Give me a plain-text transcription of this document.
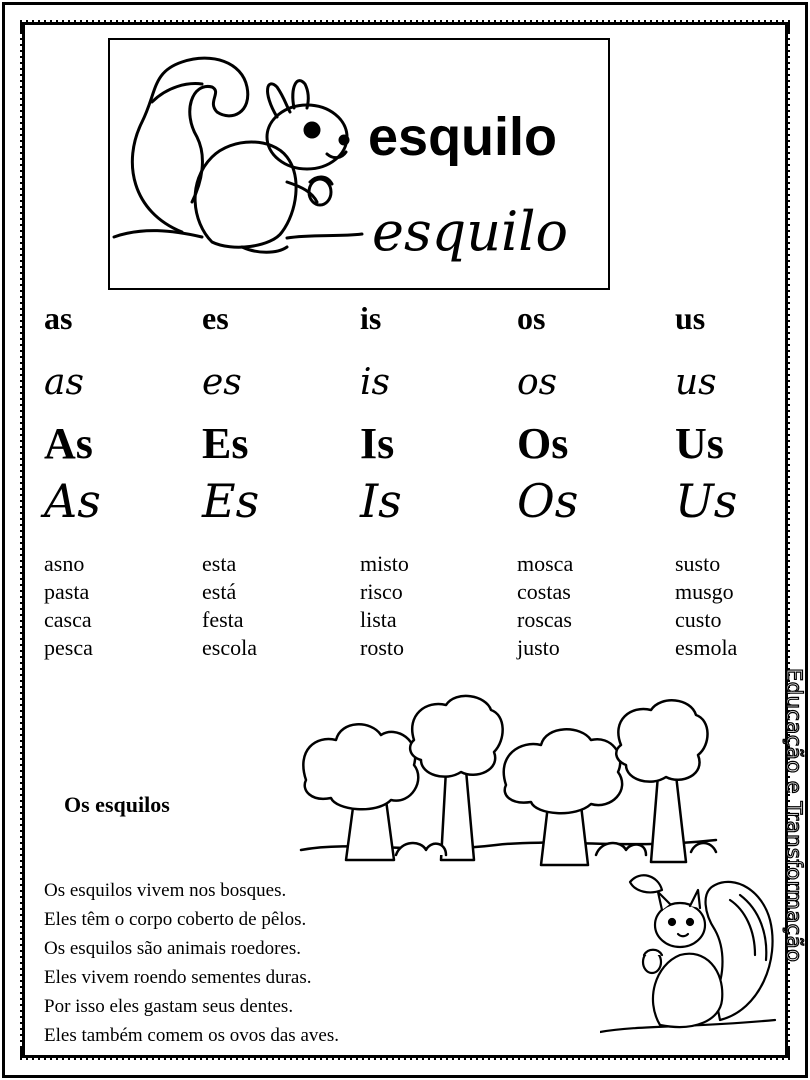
esquilo
esquilo
as
as
As
As
asno
pasta
casca
pesca
es
es
Es
Es
esta
está
festa
escola
is
is
Is
Is
misto
risco
lista
rosto
os
os
Os
Os
mosca
costas
roscas
justo
us
us
Us
Us
susto
musgo
custo
esmola
Os esquilos
Os esquilos vivem nos bosques.
Eles têm o corpo coberto de pêlos.
Os esquilos são animais roedores.
Eles vivem roendo sementes duras.
Por isso eles gastam seus dentes.
Eles também comem os ovos das aves.
Educação e Transformação
